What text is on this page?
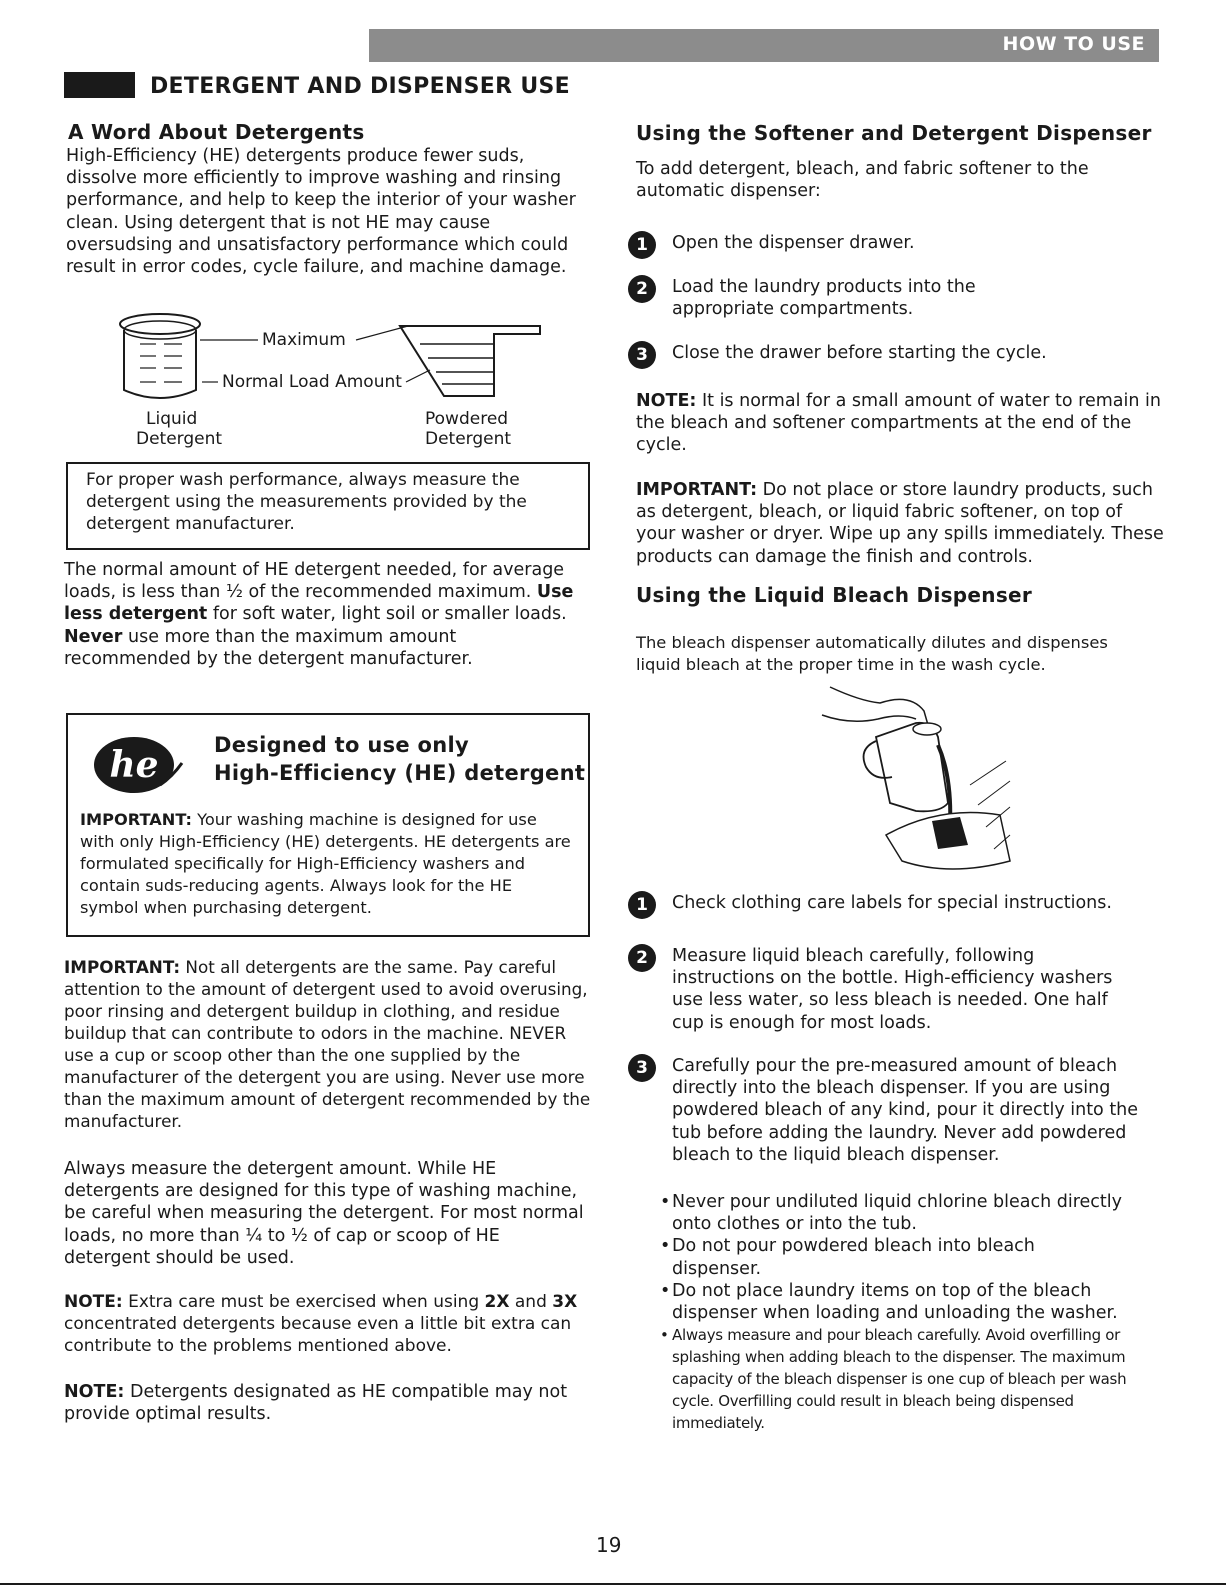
HOW TO USE
DETERGENT AND DISPENSER USE
A Word About Detergents

High-Efficiency (HE) detergents produce fewer suds, dissolve more efficiently to improve washing and rinsing performance, and help to keep the interior of your washer clean. Using detergent that is not HE may cause oversudsing and unsatisfactory performance which could result in error codes, cycle failure, and machine damage.

Maximum
Normal Load Amount
Liquid
Detergent
Powdered
Detergent

For proper wash performance, always measure the detergent using the measurements provided by the detergent manufacturer.

The normal amount of HE detergent needed, for average loads, is less than ½ of the recommended maximum. Use less detergent for soft water, light soil or smaller loads. Never use more than the maximum amount recommended by the detergent manufacturer.

he	Designed to use only
High-Efficiency (HE) detergent

IMPORTANT: Your washing machine is designed for use with only High-Efficiency (HE) detergents. HE detergents are formulated specifically for High-Efficiency washers and contain suds-reducing agents. Always look for the HE symbol when purchasing detergent.

IMPORTANT: Not all detergents are the same. Pay careful attention to the amount of detergent used to avoid overusing, poor rinsing and detergent buildup in clothing, and residue buildup that can contribute to odors in the machine. NEVER use a cup or scoop other than the one supplied by the manufacturer of the detergent you are using. Never use more than the maximum amount of detergent recommended by the manufacturer.

Always measure the detergent amount. While HE detergents are designed for this type of washing machine, be careful when measuring the detergent. For most normal loads, no more than ¼ to ½ of cap or scoop of HE detergent should be used.

NOTE: Extra care must be exercised when using 2X and 3X concentrated detergents because even a little bit extra can contribute to the problems mentioned above.

NOTE: Detergents designated as HE compatible may not provide optimal results.

Using the Softener and Detergent Dispenser

To add detergent, bleach, and fabric softener to the automatic dispenser:

1	Open the dispenser drawer.

2	Load the laundry products into the appropriate compartments.

3	Close the drawer before starting the cycle.

NOTE: It is normal for a small amount of water to remain in the bleach and softener compartments at the end of the cycle.

IMPORTANT: Do not place or store laundry products, such as detergent, bleach, or liquid fabric softener, on top of your washer or dryer. Wipe up any spills immediately. These products can damage the finish and controls.

Using the Liquid Bleach Dispenser

The bleach dispenser automatically dilutes and dispenses liquid bleach at the proper time in the wash cycle.

1	Check clothing care labels for special instructions.

2	Measure liquid bleach carefully, following instructions on the bottle. High-efficiency washers use less water, so less bleach is needed. One half cup is enough for most loads.

3	Carefully pour the pre-measured amount of bleach directly into the bleach dispenser. If you are using powdered bleach of any kind, pour it directly into the tub before adding the laundry. Never add powdered bleach to the liquid bleach dispenser.

• Never pour undiluted liquid chlorine bleach directly onto clothes or into the tub.

• Do not pour powdered bleach into bleach dispenser.

• Do not place laundry items on top of the bleach dispenser when loading and unloading the washer.

• Always measure and pour bleach carefully. Avoid overfilling or splashing when adding bleach to the dispenser. The maximum capacity of the bleach dispenser is one cup of bleach per wash cycle. Overfilling could result in bleach being dispensed immediately.

19
